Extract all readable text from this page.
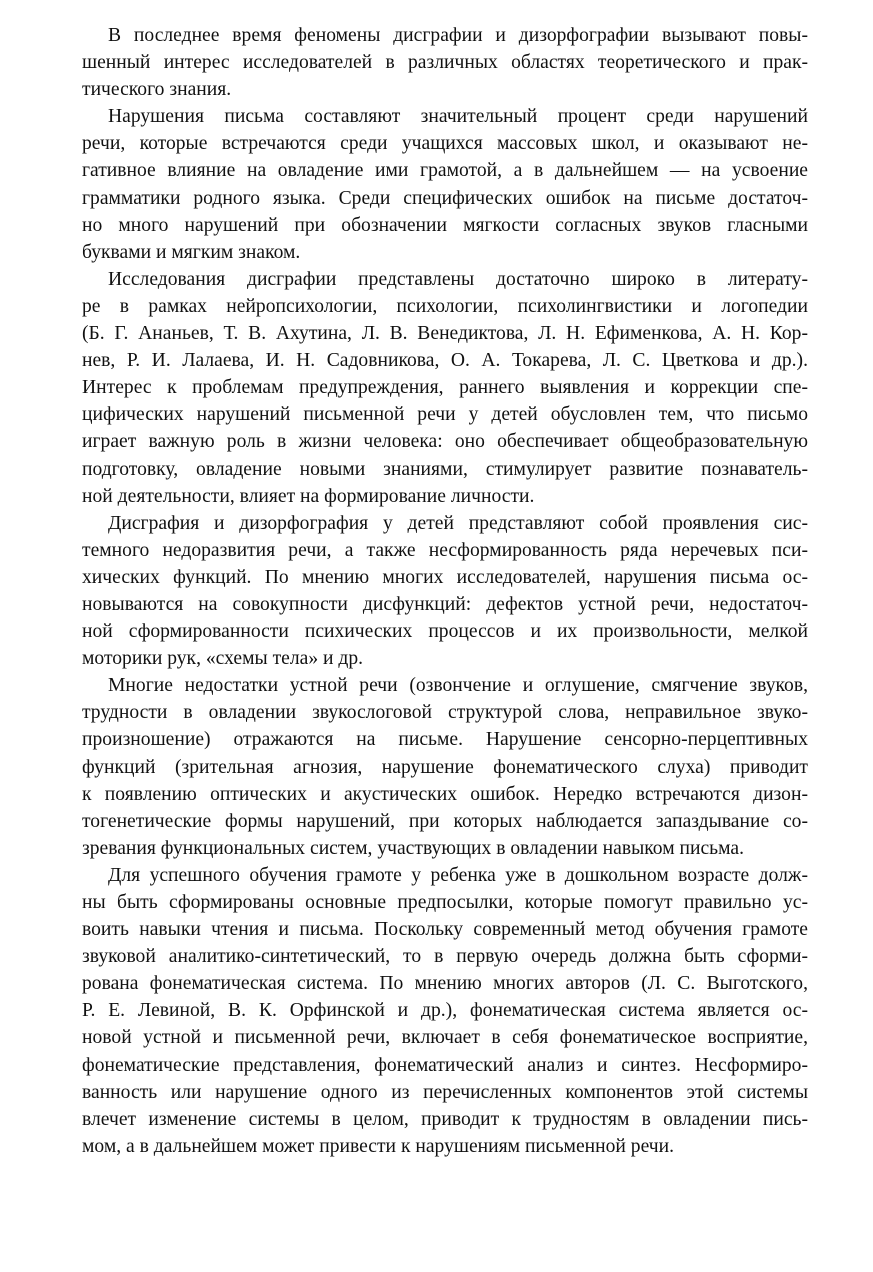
В последнее время феномены дисграфии и дизорфографии вызывают повы-
шенный интерес исследователей в различных областях теоретического и прак-
тического знания.

Нарушения письма составляют значительный процент среди нарушений
речи, которые встречаются среди учащихся массовых школ, и оказывают не-
гативное влияние на овладение ими грамотой, а в дальнейшем — на усвоение
грамматики родного языка. Среди специфических ошибок на письме достаточ-
но много нарушений при обозначении мягкости согласных звуков гласными
буквами и мягким знаком.

Исследования дисграфии представлены достаточно широко в литерату-
ре в рамках нейропсихологии, психологии, психолингвистики и логопедии
(Б. Г. Ананьев, Т. В. Ахутина, Л. В. Венедиктова, Л. Н. Ефименкова, А. Н. Кор-
нев, Р. И. Лалаева, И. Н. Садовникова, О. А. Токарева, Л. С. Цветкова и др.).
Интерес к проблемам предупреждения, раннего выявления и коррекции спе-
цифических нарушений письменной речи у детей обусловлен тем, что письмо
играет важную роль в жизни человека: оно обеспечивает общеобразовательную
подготовку, овладение новыми знаниями, стимулирует развитие познаватель-
ной деятельности, влияет на формирование личности.

Дисграфия и дизорфография у детей представляют собой проявления сис-
темного недоразвития речи, а также несформированность ряда неречевых пси-
хических функций. По мнению многих исследователей, нарушения письма ос-
новываются на совокупности дисфункций: дефектов устной речи, недостаточ-
ной сформированности психических процессов и их произвольности, мелкой
моторики рук, «схемы тела» и др.

Многие недостатки устной речи (озвончение и оглушение, смягчение звуков,
трудности в овладении звукослоговой структурой слова, неправильное звуко-
произношение) отражаются на письме. Нарушение сенсорно-перцептивных
функций (зрительная агнозия, нарушение фонематического слуха) приводит
к появлению оптических и акустических ошибок. Нередко встречаются дизон-
тогенетические формы нарушений, при которых наблюдается запаздывание со-
зревания функциональных систем, участвующих в овладении навыком письма.

Для успешного обучения грамоте у ребенка уже в дошкольном возрасте долж-
ны быть сформированы основные предпосылки, которые помогут правильно ус-
воить навыки чтения и письма. Поскольку современный метод обучения грамоте
звуковой аналитико-синтетический, то в первую очередь должна быть сформи-
рована фонематическая система. По мнению многих авторов (Л. С. Выготского,
Р. Е. Левиной, В. К. Орфинской и др.), фонематическая система является ос-
новой устной и письменной речи, включает в себя фонематическое восприятие,
фонематические представления, фонематический анализ и синтез. Несформиро-
ванность или нарушение одного из перечисленных компонентов этой системы
влечет изменение системы в целом, приводит к трудностям в овладении пись-
мом, а в дальнейшем может привести к нарушениям письменной речи.
